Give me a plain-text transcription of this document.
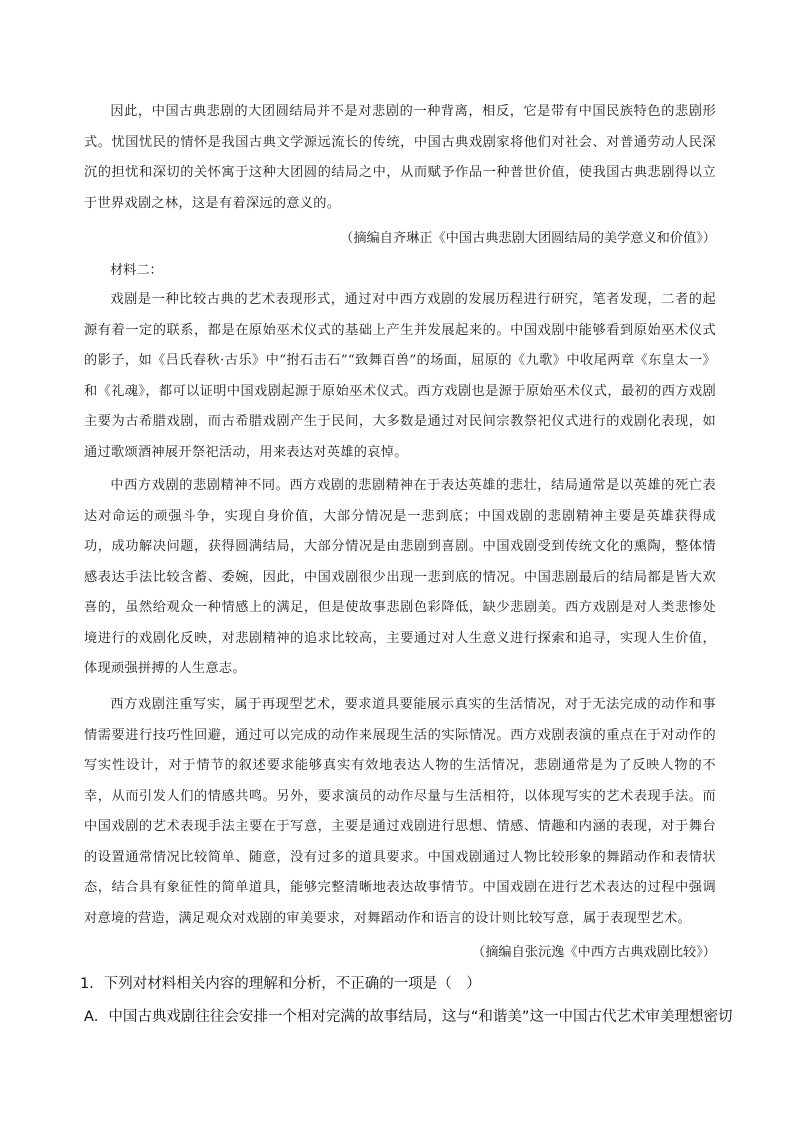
因此，中国古典悲剧的大团圆结局并不是对悲剧的一种背离，相反，它是带有中国民族特色的悲剧形式。忧国忧民的情怀是我国古典文学源远流长的传统，中国古典戏剧家将他们对社会、对普通劳动人民深沉的担忧和深切的关怀寓于这种大团圆的结局之中，从而赋予作品一种普世价值，使我国古典悲剧得以立于世界戏剧之林，这是有着深远的意义的。

（摘编自齐琳正《中国古典悲剧大团圆结局的美学意义和价值》）

材料二：

戏剧是一种比较古典的艺术表现形式，通过对中西方戏剧的发展历程进行研究，笔者发现，二者的起源有着一定的联系，都是在原始巫术仪式的基础上产生并发展起来的。中国戏剧中能够看到原始巫术仪式的影子，如《吕氏春秋·古乐》中“拊石击石”“致舞百兽”的场面，屈原的《九歌》中收尾两章《东皇太一》和《礼魂》，都可以证明中国戏剧起源于原始巫术仪式。西方戏剧也是源于原始巫术仪式，最初的西方戏剧主要为古希腊戏剧，而古希腊戏剧产生于民间，大多数是通过对民间宗教祭祀仪式进行的戏剧化表现，如通过歌颂酒神展开祭祀活动，用来表达对英雄的哀悼。

中西方戏剧的悲剧精神不同。西方戏剧的悲剧精神在于表达英雄的悲壮，结局通常是以英雄的死亡表达对命运的顽强斗争，实现自身价值，大部分情况是一悲到底；中国戏剧的悲剧精神主要是英雄获得成功，成功解决问题，获得圆满结局，大部分情况是由悲剧到喜剧。中国戏剧受到传统文化的熏陶，整体情感表达手法比较含蓄、委婉，因此，中国戏剧很少出现一悲到底的情况。中国悲剧最后的结局都是皆大欢喜的，虽然给观众一种情感上的满足，但是使故事悲剧色彩降低，缺少悲剧美。西方戏剧是对人类悲惨处境进行的戏剧化反映，对悲剧精神的追求比较高，主要通过对人生意义进行探索和追寻，实现人生价值，体现顽强拼搏的人生意志。

西方戏剧注重写实，属于再现型艺术，要求道具要能展示真实的生活情况，对于无法完成的动作和事情需要进行技巧性回避，通过可以完成的动作来展现生活的实际情况。西方戏剧表演的重点在于对动作的写实性设计，对于情节的叙述要求能够真实有效地表达人物的生活情况，悲剧通常是为了反映人物的不幸，从而引发人们的情感共鸣。另外，要求演员的动作尽量与生活相符，以体现写实的艺术表现手法。而中国戏剧的艺术表现手法主要在于写意，主要是通过戏剧进行思想、情感、情趣和内涵的表现，对于舞台的设置通常情况比较简单、随意，没有过多的道具要求。中国戏剧通过人物比较形象的舞蹈动作和表情状态，结合具有象征性的简单道具，能够完整清晰地表达故事情节。中国戏剧在进行艺术表达的过程中强调对意境的营造，满足观众对戏剧的审美要求，对舞蹈动作和语言的设计则比较写意，属于表现型艺术。

（摘编自张沅逸《中西方古典戏剧比较》）

1．下列对材料相关内容的理解和分析，不正确的一项是（　）

A．中国古典戏剧往往会安排一个相对完满的故事结局，这与“和谐美”这一中国古代艺术审美理想密切
